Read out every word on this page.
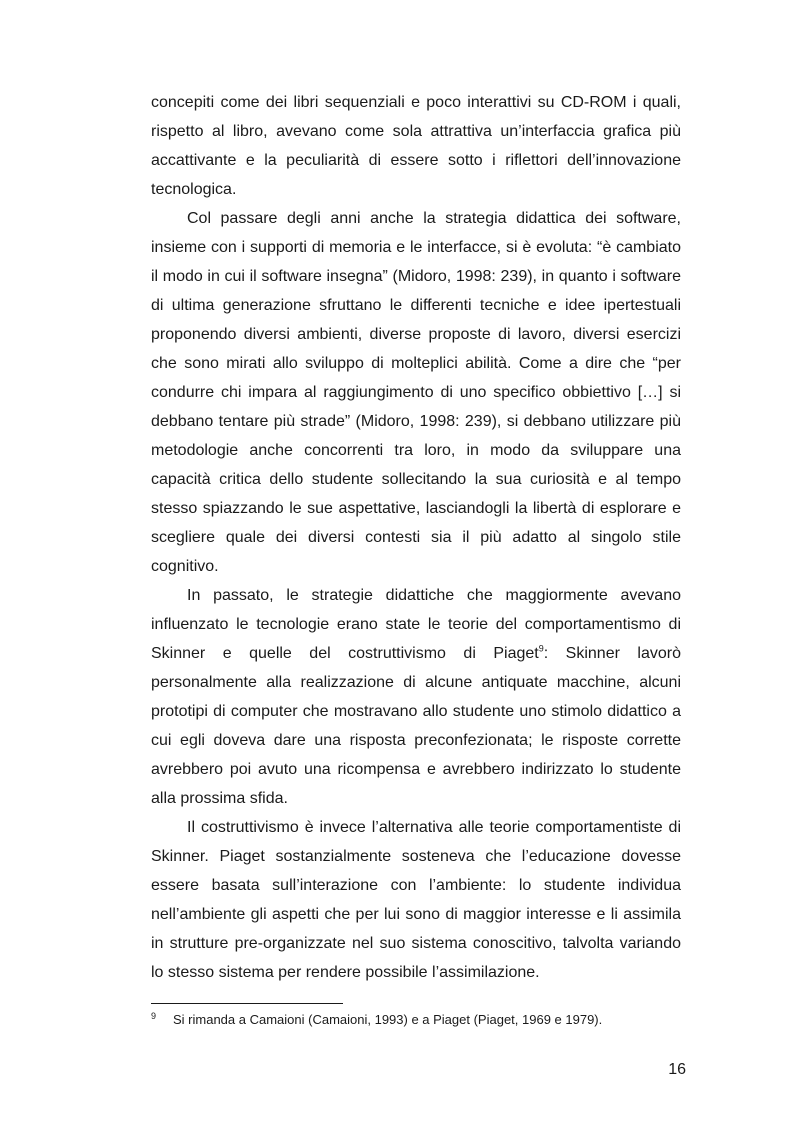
concepiti come dei libri sequenziali e poco interattivi su CD-ROM i quali, rispetto al libro, avevano come sola attrattiva un’interfaccia grafica più accattivante e la peculiarità di essere sotto i riflettori dell’innovazione tecnologica.

Col passare degli anni anche la strategia didattica dei software, insieme con i supporti di memoria e le interfacce, si è evoluta: “è cambiato il modo in cui il software insegna” (Midoro, 1998: 239), in quanto i software di ultima generazione sfruttano le differenti tecniche e idee ipertestuali proponendo diversi ambienti, diverse proposte di lavoro, diversi esercizi che sono mirati allo sviluppo di molteplici abilità. Come a dire che “per condurre chi impara al raggiungimento di uno specifico obbiettivo […] si debbano tentare più strade” (Midoro, 1998: 239), si debbano utilizzare più metodologie anche concorrenti tra loro, in modo da sviluppare una capacità critica dello studente sollecitando la sua curiosità e al tempo stesso spiazzando le sue aspettative, lasciandogli la libertà di esplorare e scegliere quale dei diversi contesti sia il più adatto al singolo stile cognitivo.

In passato, le strategie didattiche che maggiormente avevano influenzato le tecnologie erano state le teorie del comportamentismo di Skinner e quelle del costruttivismo di Piaget$^9$: Skinner lavorò personalmente alla realizzazione di alcune antiquate macchine, alcuni prototipi di computer che mostravano allo studente uno stimolo didattico a cui egli doveva dare una risposta preconfezionata; le risposte corrette avrebbero poi avuto una ricompensa e avrebbero indirizzato lo studente alla prossima sfida.

Il costruttivismo è invece l’alternativa alle teorie comportamentiste di Skinner. Piaget sostanzialmente sosteneva che l’educazione dovesse essere basata sull’interazione con l’ambiente: lo studente individua nell’ambiente gli aspetti che per lui sono di maggior interesse e li assimila in strutture pre-organizzate nel suo sistema conoscitivo, talvolta variando lo stesso sistema per rendere possibile l’assimilazione.

9 Si rimanda a Camaioni (Camaioni, 1993) e a Piaget (Piaget, 1969 e 1979).
16
